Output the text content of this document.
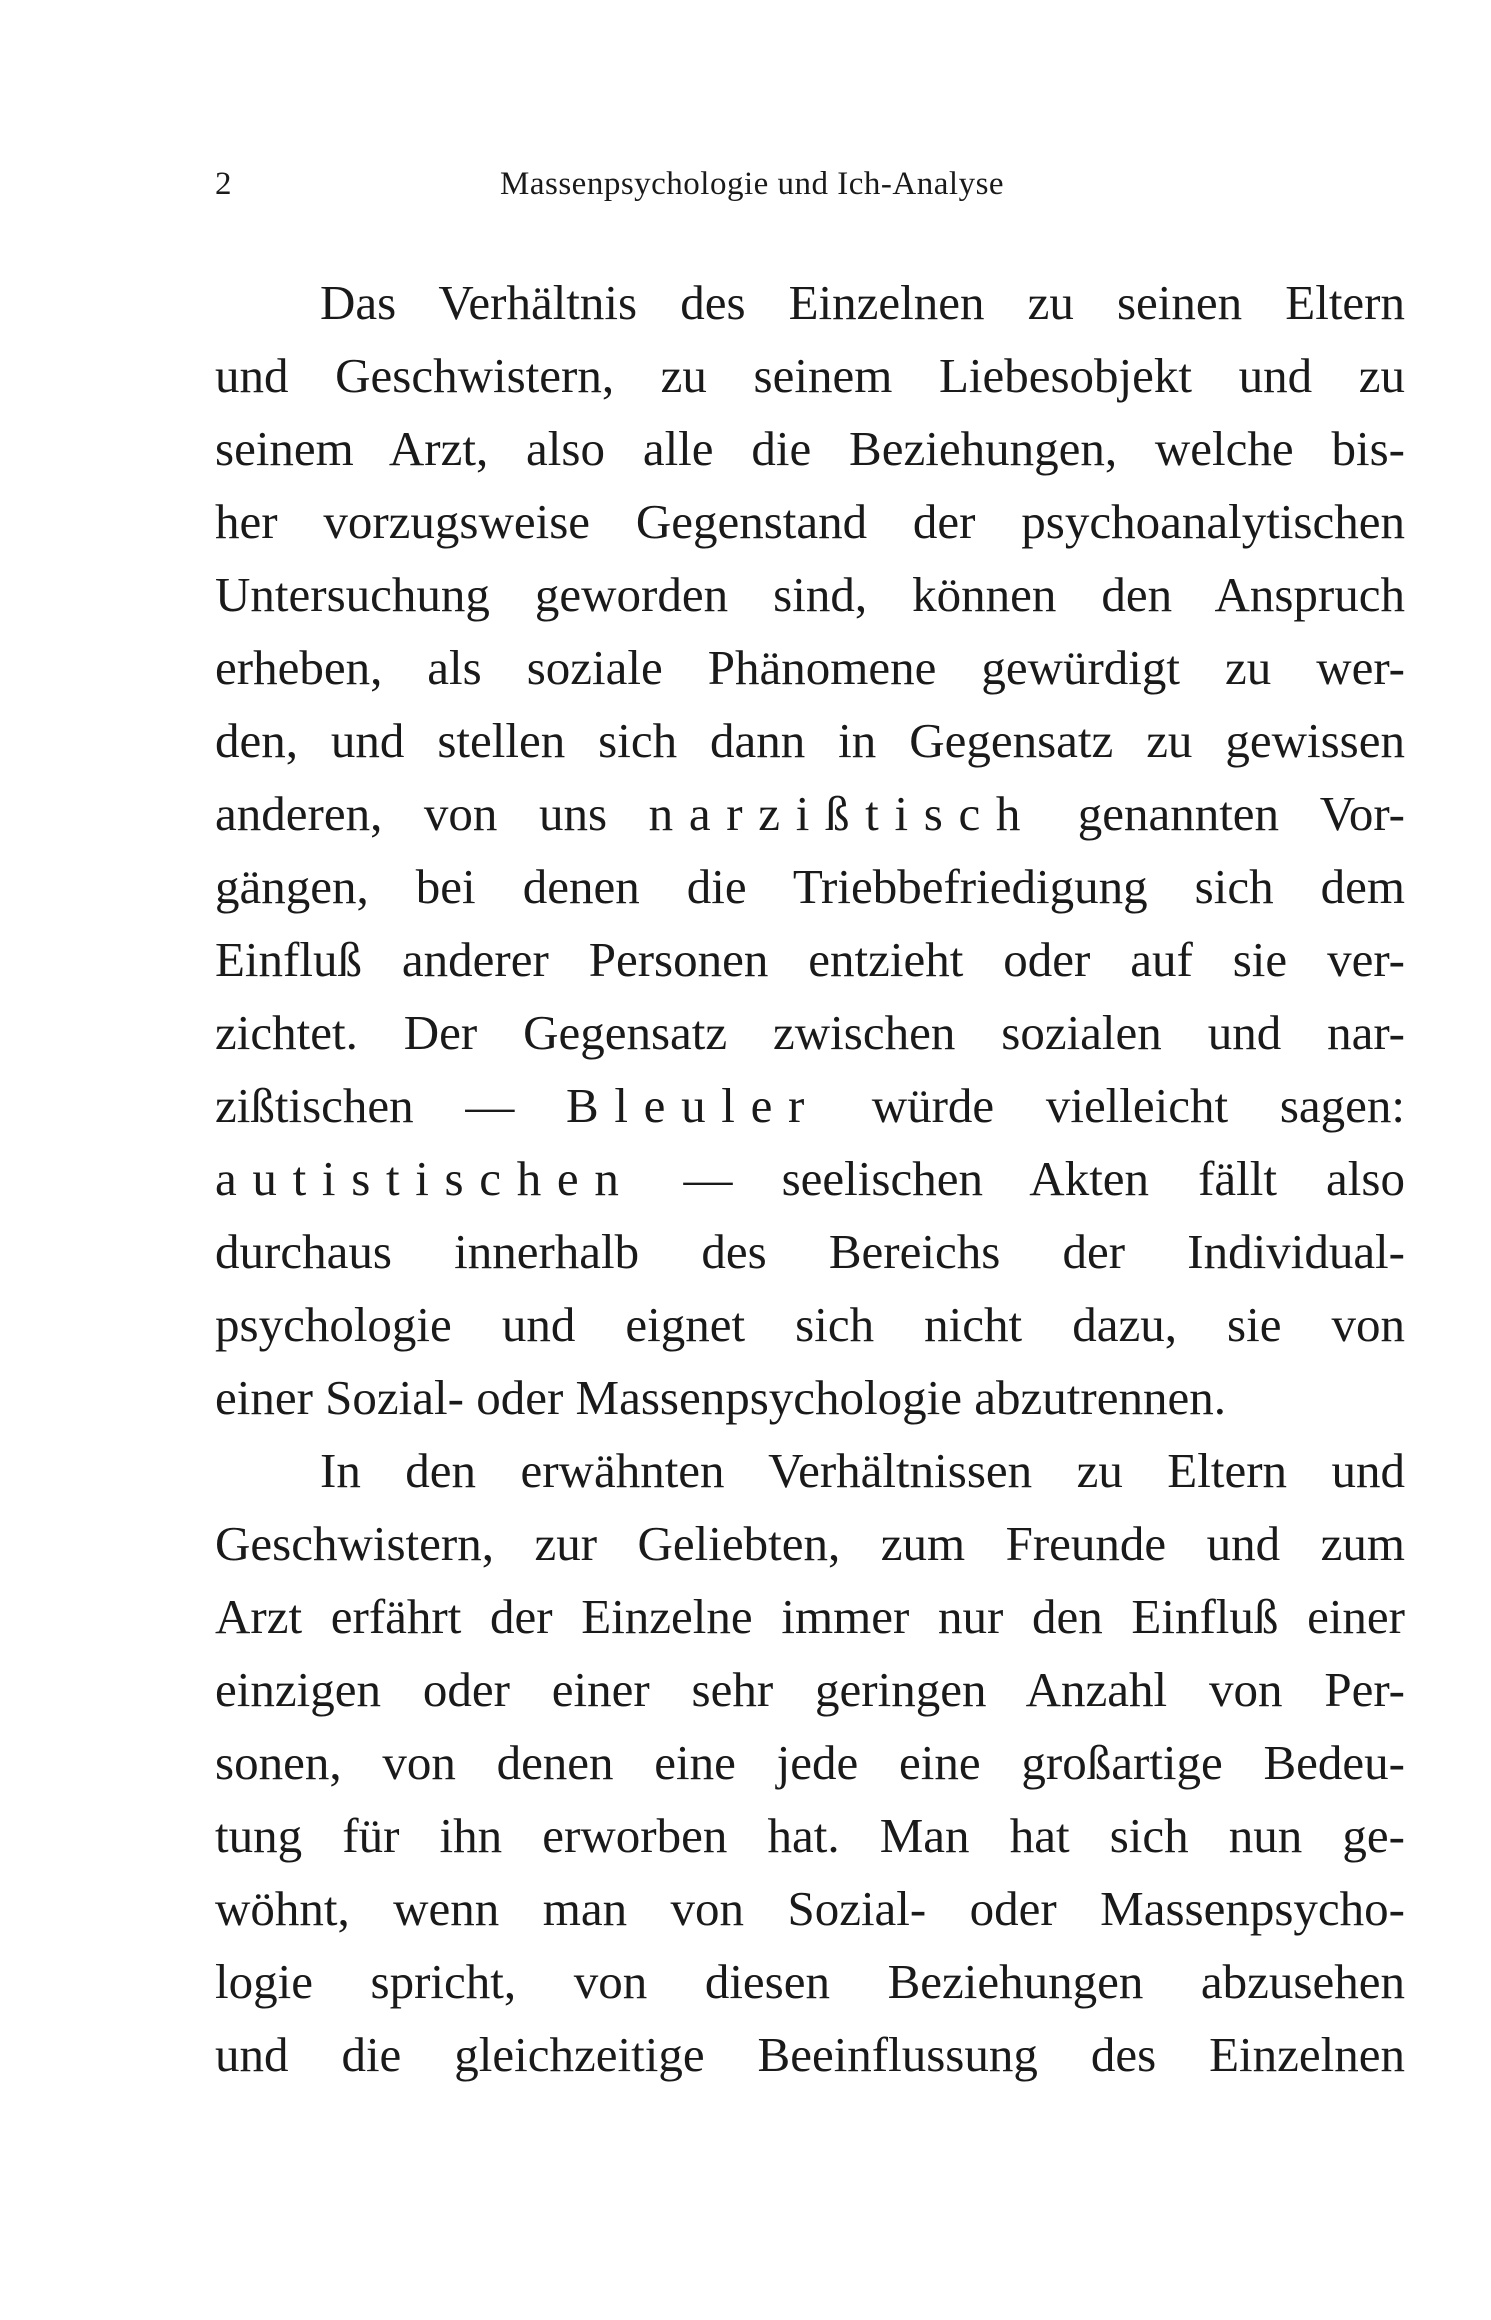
2	Massenpsychologie und Ich-Analyse
Das Verhältnis des Einzelnen zu seinen Eltern
und Geschwistern, zu seinem Liebesobjekt und zu
seinem Arzt, also alle die Beziehungen, welche bis-
her vorzugsweise Gegenstand der psychoanalytischen
Untersuchung geworden sind, können den Anspruch
erheben, als soziale Phänomene gewürdigt zu wer-
den, und stellen sich dann in Gegensatz zu gewissen
anderen, von uns narzißtisch genannten Vor-
gängen, bei denen die Triebbefriedigung sich dem
Einfluß anderer Personen entzieht oder auf sie ver-
zichtet. Der Gegensatz zwischen sozialen und nar-
zißtischen — Bleuler würde vielleicht sagen:
autistischen — seelischen Akten fällt also
durchaus innerhalb des Bereichs der Individual-
psychologie und eignet sich nicht dazu, sie von
einer Sozial- oder Massenpsychologie abzutrennen.
In den erwähnten Verhältnissen zu Eltern und
Geschwistern, zur Geliebten, zum Freunde und zum
Arzt erfährt der Einzelne immer nur den Einfluß einer
einzigen oder einer sehr geringen Anzahl von Per-
sonen, von denen eine jede eine großartige Bedeu-
tung für ihn erworben hat. Man hat sich nun ge-
wöhnt, wenn man von Sozial- oder Massenpsycho-
logie spricht, von diesen Beziehungen abzusehen
und die gleichzeitige Beeinflussung des Einzelnen
